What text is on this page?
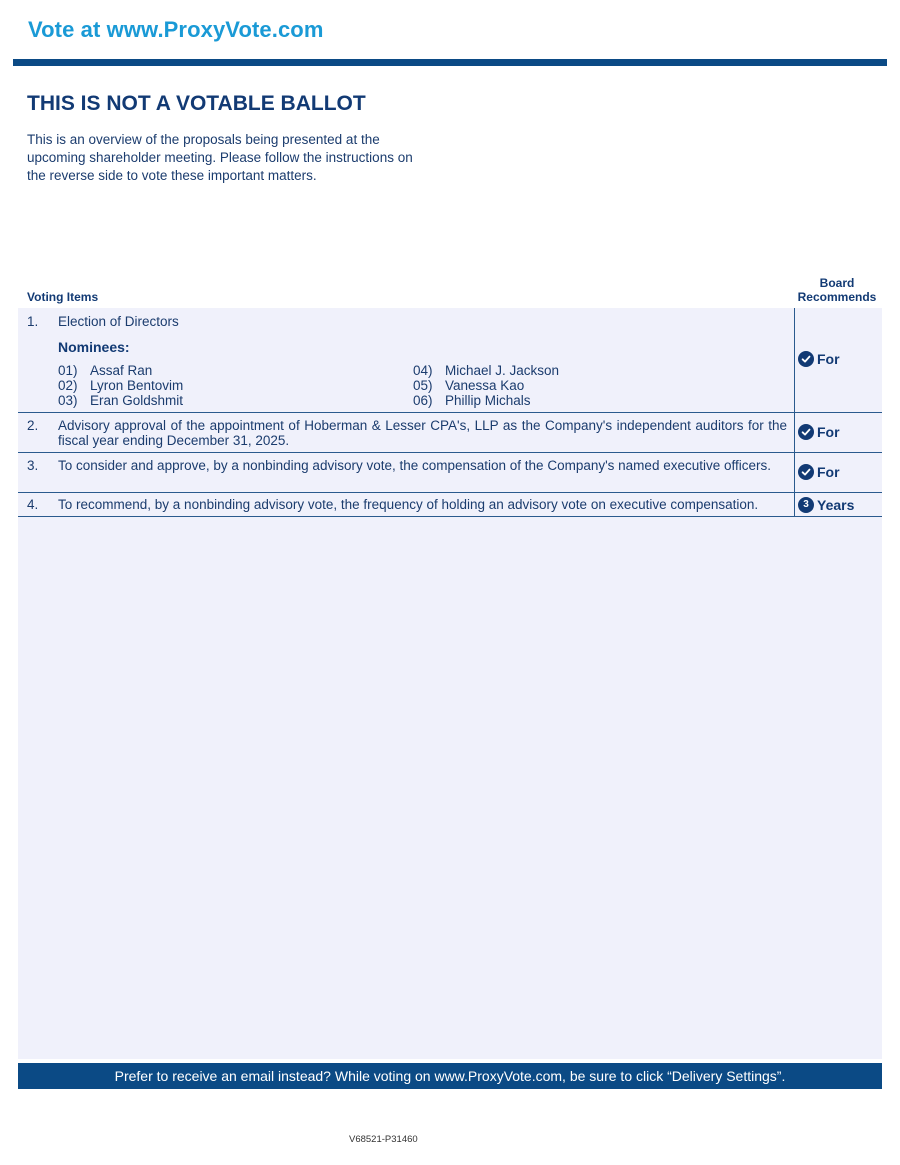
Vote at www.ProxyVote.com
THIS IS NOT A VOTABLE BALLOT
This is an overview of the proposals being presented at the
upcoming shareholder meeting. Please follow the instructions on
the reverse side to vote these important matters.
Voting Items
Board
Recommends
1. Election of Directors
Nominees:
01) Assaf Ran
02) Lyron Bentovim
03) Eran Goldshmit
04) Michael J. Jackson
05) Vanessa Kao
06) Phillip Michals
For
2. Advisory approval of the appointment of Hoberman & Lesser CPA's, LLP as the Company's independent auditors for the fiscal year ending December 31, 2025.
For
3. To consider and approve, by a nonbinding advisory vote, the compensation of the Company's named executive officers.	For
4. To recommend, by a nonbinding advisory vote, the frequency of holding an advisory vote on executive compensation.	3 Years
Prefer to receive an email instead? While voting on www.ProxyVote.com, be sure to click “Delivery Settings”.
V68521-P31460
